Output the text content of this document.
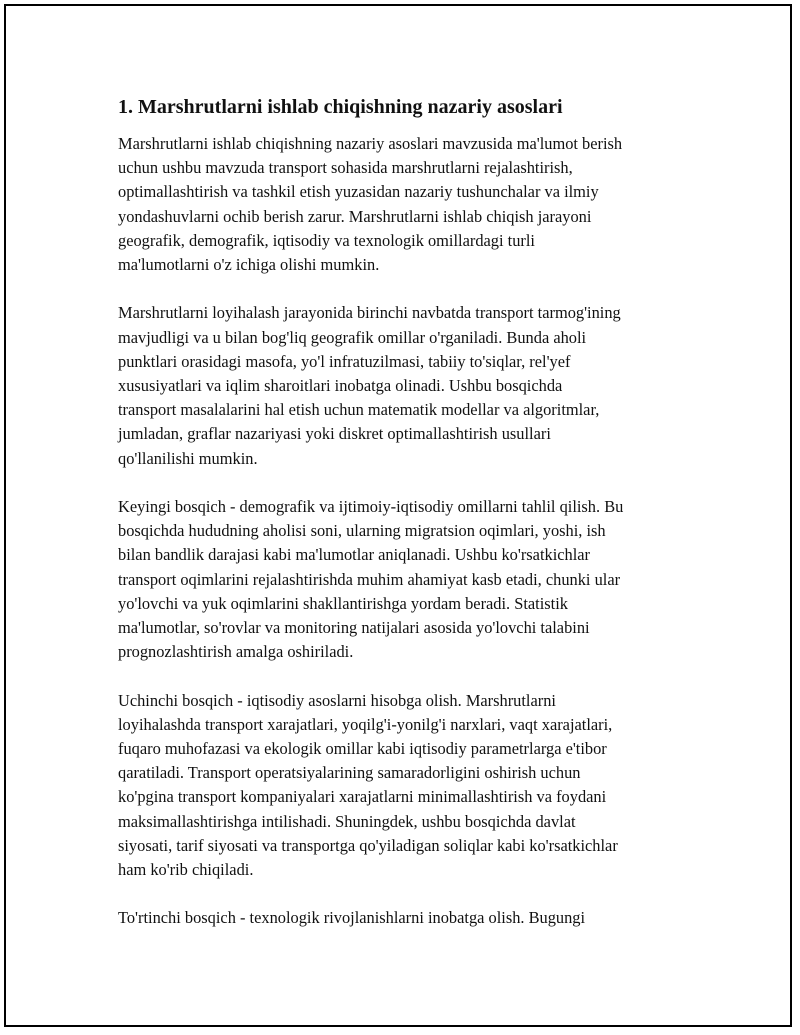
1. Marshrutlarni ishlab chiqishning nazariy asoslari

Marshrutlarni ishlab chiqishning nazariy asoslari mavzusida ma'lumot berish
uchun ushbu mavzuda transport sohasida marshrutlarni rejalashtirish,
optimallashtirish va tashkil etish yuzasidan nazariy tushunchalar va ilmiy
yondashuvlarni ochib berish zarur. Marshrutlarni ishlab chiqish jarayoni
geografik, demografik, iqtisodiy va texnologik omillardagi turli
ma'lumotlarni o'z ichiga olishi mumkin.

Marshrutlarni loyihalash jarayonida birinchi navbatda transport tarmog'ining
mavjudligi va u bilan bog'liq geografik omillar o'rganiladi. Bunda aholi
punktlari orasidagi masofa, yo'l infratuzilmasi, tabiiy to'siqlar, rel'yef
xususiyatlari va iqlim sharoitlari inobatga olinadi. Ushbu bosqichda
transport masalalarini hal etish uchun matematik modellar va algoritmlar,
jumladan, graflar nazariyasi yoki diskret optimallashtirish usullari
qo'llanilishi mumkin.

Keyingi bosqich - demografik va ijtimoiy-iqtisodiy omillarni tahlil qilish. Bu
bosqichda hududning aholisi soni, ularning migratsion oqimlari, yoshi, ish
bilan bandlik darajasi kabi ma'lumotlar aniqlanadi. Ushbu ko'rsatkichlar
transport oqimlarini rejalashtirishda muhim ahamiyat kasb etadi, chunki ular
yo'lovchi va yuk oqimlarini shakllantirishga yordam beradi. Statistik
ma'lumotlar, so'rovlar va monitoring natijalari asosida yo'lovchi talabini
prognozlashtirish amalga oshiriladi.

Uchinchi bosqich - iqtisodiy asoslarni hisobga olish. Marshrutlarni
loyihalashda transport xarajatlari, yoqilg'i-yonilg'i narxlari, vaqt xarajatlari,
fuqaro muhofazasi va ekologik omillar kabi iqtisodiy parametrlarga e'tibor
qaratiladi. Transport operatsiyalarining samaradorligini oshirish uchun
ko'pgina transport kompaniyalari xarajatlarni minimallashtirish va foydani
maksimallashtirishga intilishadi. Shuningdek, ushbu bosqichda davlat
siyosati, tarif siyosati va transportga qo'yiladigan soliqlar kabi ko'rsatkichlar
ham ko'rib chiqiladi.

To'rtinchi bosqich - texnologik rivojlanishlarni inobatga olish. Bugungi
